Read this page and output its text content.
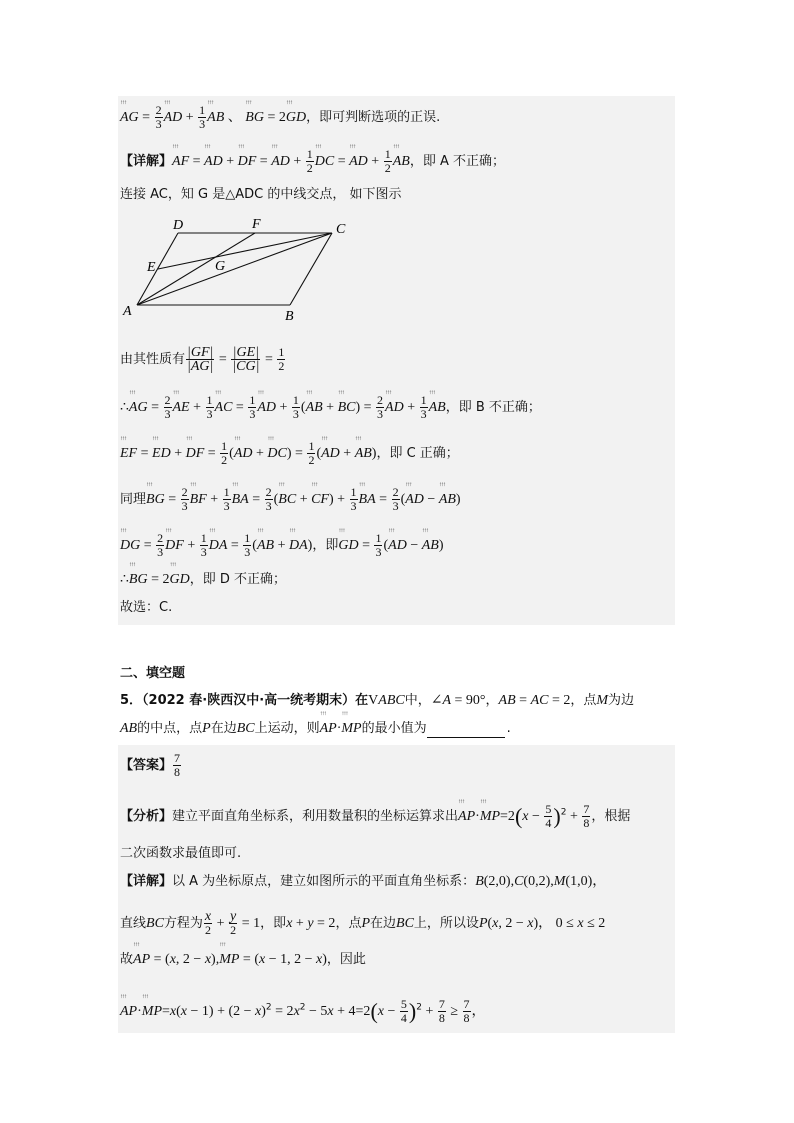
↑↑↑ AG = $\frac{2}{3}$ ↑↑↑ AD + $\frac{1}{3}$ ↑↑↑ AB 、 ↑↑↑ BG = 2↑↑↑ GD，即可判断选项的正误.
【详解】↑↑↑ AF = ↑↑↑ AD + ↑↑↑ DF = ↑↑↑ AD + $\frac{1}{2}$ ↑↑↑ DC = ↑↑↑ AD + $\frac{1}{2}$ ↑↑↑ AB，即 A 不正确；
连接 AC，知 G 是△ADC 的中线交点， 如下图示
D	F	C
E	G
A	B
由其性质有 $\frac{|GF|}{|AG|} = \frac{|GE|}{|CG|} = \frac{1}{2}$
∴↑↑↑ AG = $\frac{2}{3}$ ↑↑↑ AE + $\frac{1}{3}$ ↑↑↑ AC = $\frac{1}{3}$ ↑↑↑ AD + $\frac{1}{3}$ (↑↑↑ AB + ↑↑↑ $BC) = \frac{2}{3}$ ↑↑↑ AD + $\frac{1}{3}$ ↑↑↑ AB，即 B 不正确；
↑↑↑ EF = ↑↑↑ ED + ↑↑↑ DF = $\frac{1}{2}$ (↑↑↑ AD + ↑↑↑ $DC) = \frac{1}{2}$ (↑↑↑ AD + ↑↑↑ AB)，即 C 正确；
同理↑↑↑ BG = $\frac{2}{3}$ ↑↑↑ BF + $\frac{1}{3}$ ↑↑↑ BA = $\frac{2}{3}$ (↑↑↑ BC + ↑↑↑ $CF) + \frac{1}{3}$ ↑↑↑ BA = $\frac{2}{3}$ (↑↑↑ AD − ↑↑↑ AB)
↑↑↑ DG = $\frac{2}{3}$ ↑↑↑ DF + $\frac{1}{3}$ ↑↑↑ DA = $\frac{1}{3}$ (↑↑↑ AB + ↑↑↑ DA)，即↑↑↑ GD = $\frac{1}{3}$ (↑↑↑ AD − ↑↑↑ AB)
∴↑↑↑ BG = 2↑↑↑ GD，即 D 不正确；
故选：C.
二、填空题
5．（2022 春·陕西汉中·高一统考期末）在VABC中，∠A = 90°，AB = AC = 2，点M为边
AB的中点，点P在边BC上运动，则↑↑↑ AP·↑↑↑ MP的最小值为	.
【答案】 $\frac{7}{8}$
【分析】建立平面直角坐标系，利用数量积的坐标运算求出↑↑↑ AP·↑↑↑ $MP=2(x - \frac{5}{4} )^2 + \frac{7}{8}$ ，根据
二次函数求最值即可.
【详解】以 A 为坐标原点，建立如图所示的平面直角坐标系：B(2,0),C(0,2),M(1,0)，
直线BC方程为 $\frac{x}{2} + \frac{y}{2} = 1$，即x + y = 2，点P在边BC上，所以设P(x, 2 − x)， 0 ≤ x ≤ 2
故↑↑↑ AP = (x, 2 − x),↑↑↑ MP = (x − 1, 2 − x)，因此
↑↑↑ AP·↑↑↑ $MP=x(x - 1) + (2 - x)^2 = 2x^2 - 5x + 4=2(x - \frac{5}{4} )^2 + \frac{7}{8} \ge \frac{7}{8}$ ，
